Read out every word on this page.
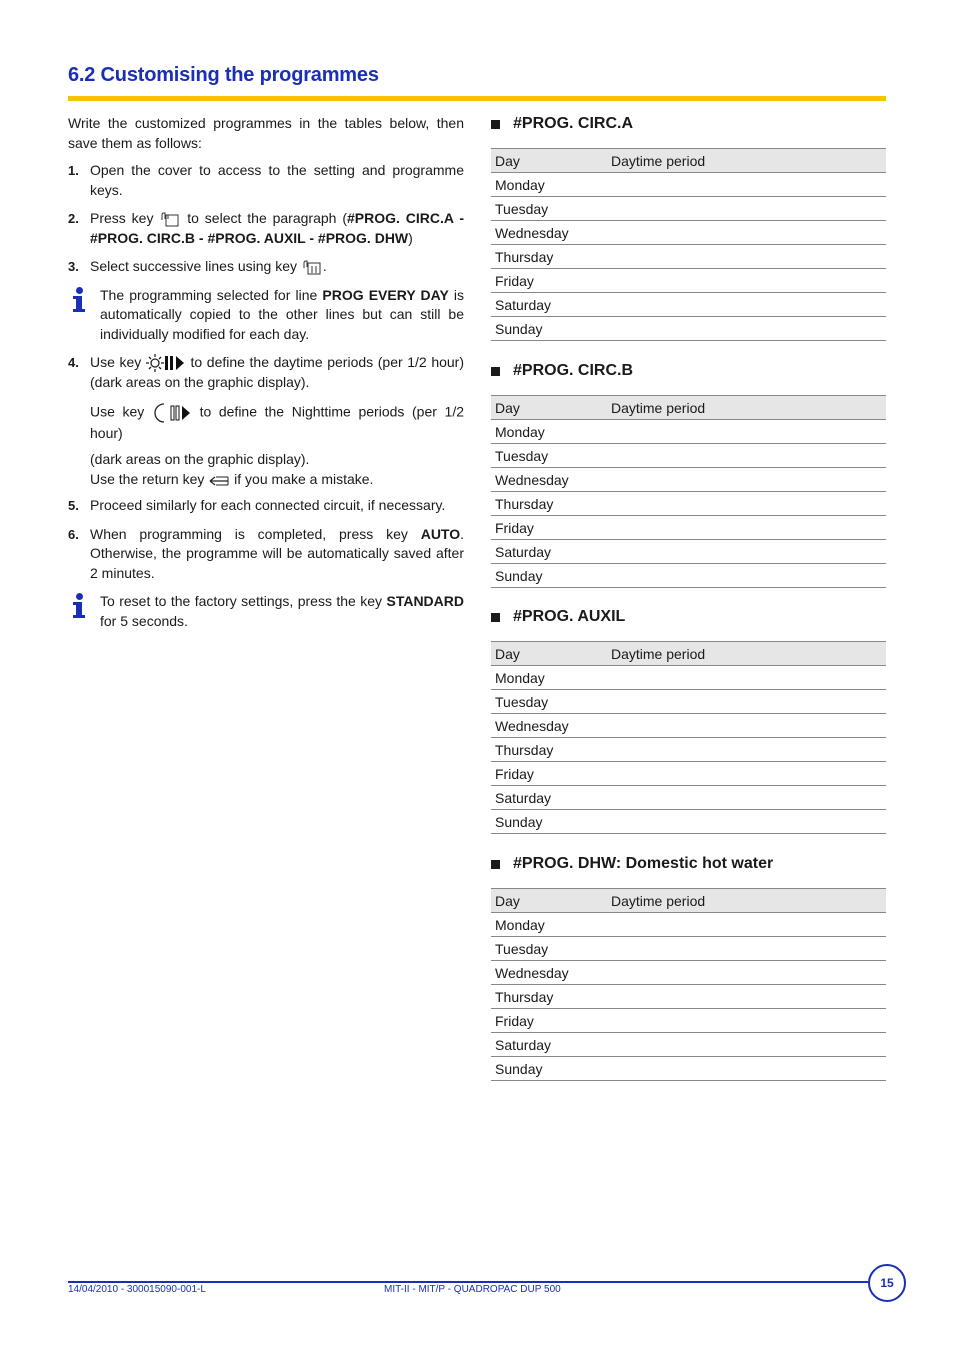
6.2 Customising the programmes

Write the customized programmes in the tables below, then save them as follows:

1. Open the cover to access to the setting and programme keys.
2. Press key to select the paragraph (#PROG. CIRC.A - #PROG. CIRC.B - #PROG. AUXIL - #PROG. DHW)
3. Select successive lines using key .
The programming selected for line PROG EVERY DAY is automatically copied to the other lines but can still be individually modified for each day.
4. Use key	to define the daytime periods (per 1/2 hour) (dark areas on the graphic display).

Use key	to define the Nighttime periods (per 1/2 hour)

(dark areas on the graphic display).

Use the return key if you make a mistake.

5. Proceed similarly for each connected circuit, if necessary.
6. When programming is completed, press key AUTO. Otherwise, the programme will be automatically saved after 2 minutes.
To reset to the factory settings, press the key STANDARD for 5 seconds.
#PROG. CIRC.A
Day	Daytime period
Monday	
Tuesday	
Wednesday	
Thursday	
Friday	
Saturday	
Sunday	
#PROG. CIRC.B
Day	Daytime period
Monday	
Tuesday	
Wednesday	
Thursday	
Friday	
Saturday	
Sunday	
#PROG. AUXIL
Day	Daytime period
Monday	
Tuesday	
Wednesday	
Thursday	
Friday	
Saturday	
Sunday	
#PROG. DHW: Domestic hot water
Day	Daytime period
Monday	
Tuesday	
Wednesday	
Thursday	
Friday	
Saturday	
Sunday	
14/04/2010 - 300015090-001-L	MIT-II - MIT/P - QUADROPAC DUP 500	15
